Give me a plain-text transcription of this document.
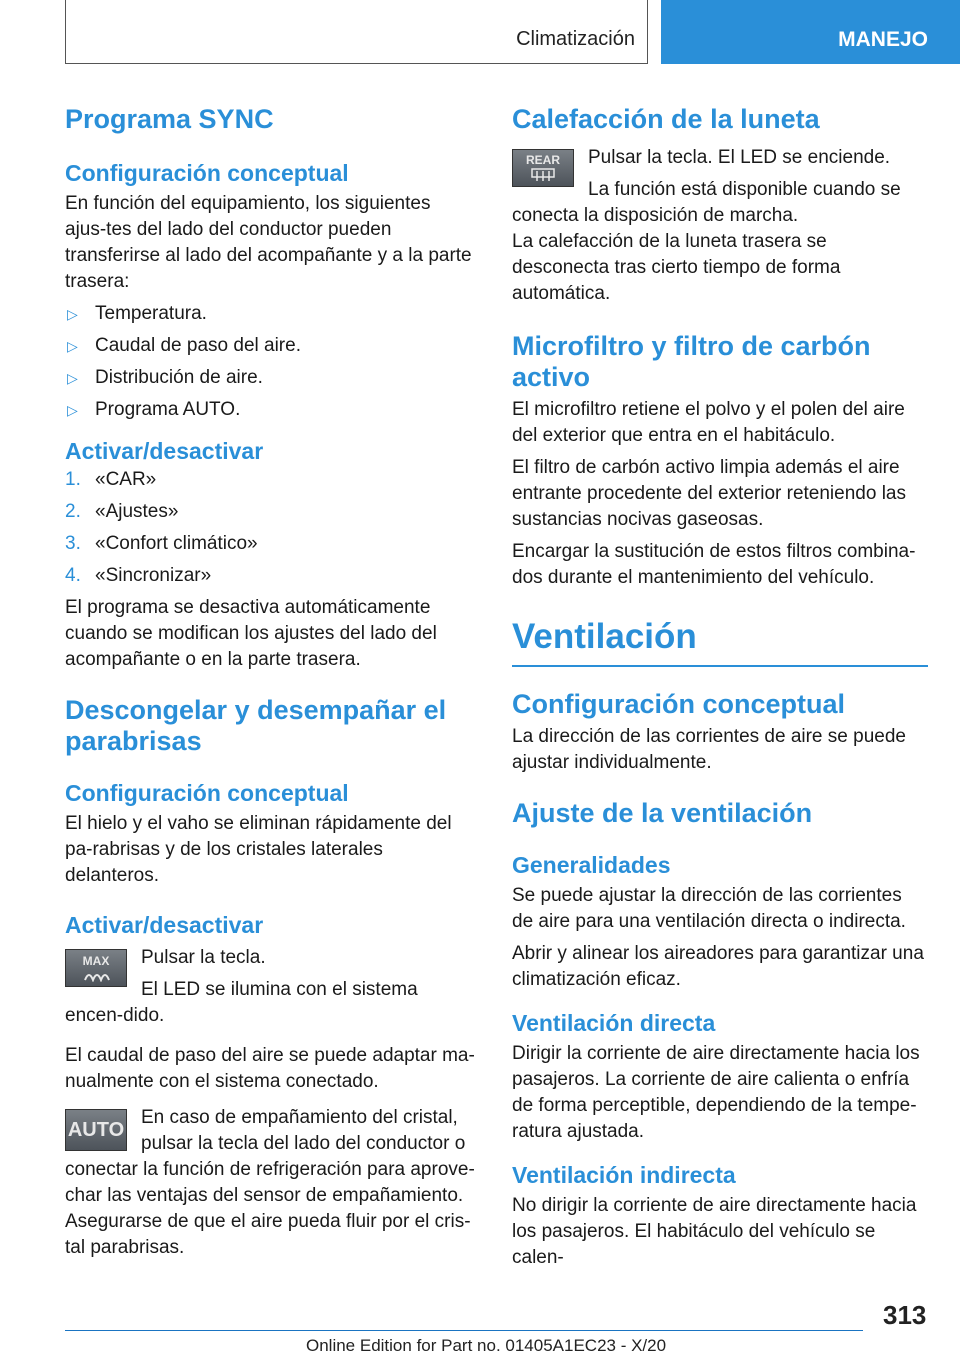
Climatización	MANEJO
Programa SYNC
Configuración conceptual

En función del equipamiento, los siguientes ajus-tes del lado del conductor pueden transferirse al lado del acompañante y a la parte trasera:

▷ Temperatura.
▷ Caudal de paso del aire.
▷ Distribución de aire.
▷ Programa AUTO.
Activar/desactivar
1. «CAR»
2. «Ajustes»
3. «Confort climático»
4. «Sincronizar»

El programa se desactiva automáticamente cuando se modifican los ajustes del lado del acompañante o en la parte trasera.

Descongelar y desempañar el parabrisas
Configuración conceptual

El hielo y el vaho se eliminan rápidamente del pa-rabrisas y de los cristales laterales delanteros.

Activar/desactivar
MAX	Pulsar la tecla.

El LED se ilumina con el sistema encen-dido.

El caudal de paso del aire se puede adaptar ma-nualmente con el sistema conectado.

AUTO

En caso de empañamiento del cristal, pulsar la tecla del lado del conductor o conectar la función de refrigeración para aprove-char las ventajas del sensor de empañamiento. Asegurarse de que el aire pueda fluir por el cris-tal parabrisas.

Calefacción de la luneta
REAR	Pulsar la tecla. El LED se enciende.

La función está disponible cuando se conecta la disposición de marcha.

La calefacción de la luneta trasera se desconecta tras cierto tiempo de forma automática.

Microfiltro y filtro de carbón activo

El microfiltro retiene el polvo y el polen del aire del exterior que entra en el habitáculo.

El filtro de carbón activo limpia además el aire entrante procedente del exterior reteniendo las sustancias nocivas gaseosas.

Encargar la sustitución de estos filtros combina-dos durante el mantenimiento del vehículo.

Ventilación
Configuración conceptual

La dirección de las corrientes de aire se puede ajustar individualmente.

Ajuste de la ventilación
Generalidades

Se puede ajustar la dirección de las corrientes de aire para una ventilación directa o indirecta.

Abrir y alinear los aireadores para garantizar una climatización eficaz.

Ventilación directa

Dirigir la corriente de aire directamente hacia los pasajeros. La corriente de aire calienta o enfría de forma perceptible, dependiendo de la tempe-ratura ajustada.

Ventilación indirecta

No dirigir la corriente de aire directamente hacia los pasajeros. El habitáculo del vehículo se calen-

313
Online Edition for Part no. 01405A1EC23 - X/20
